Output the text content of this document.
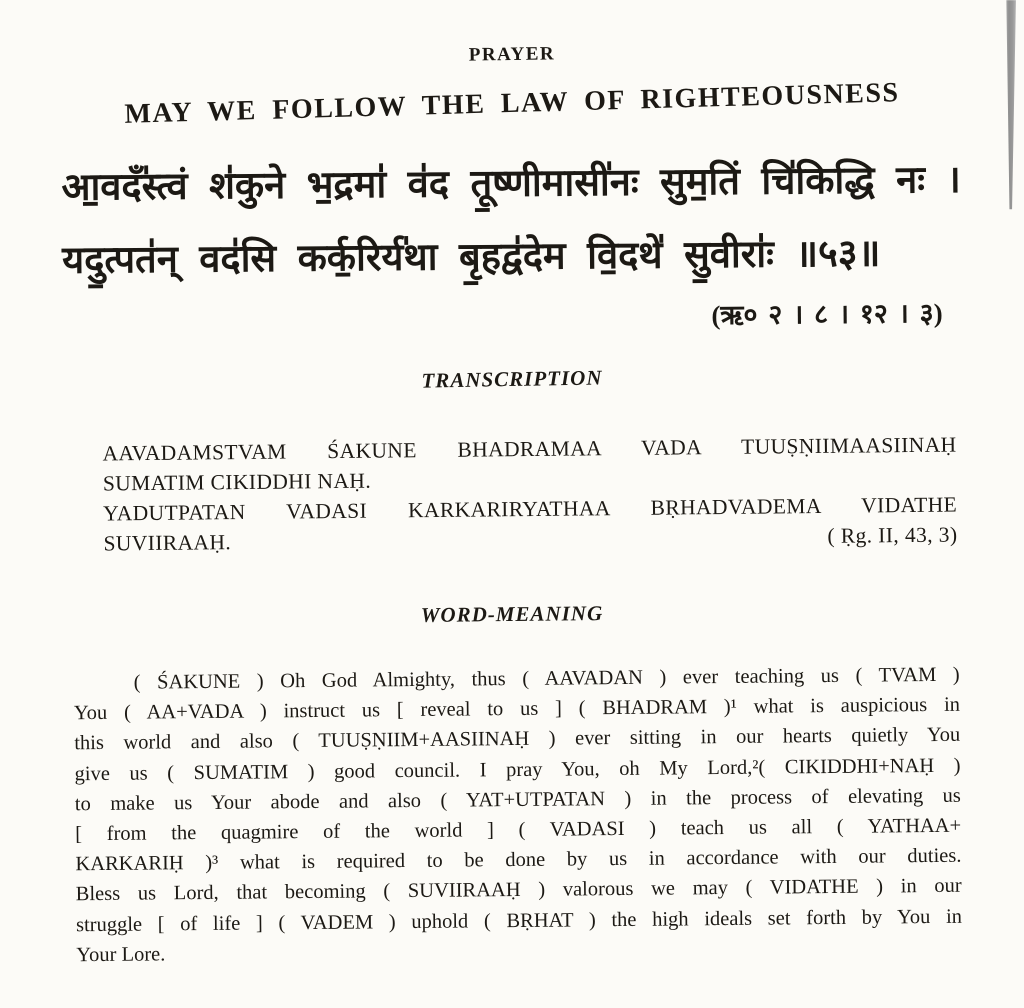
PRAYER
MAY WE FOLLOW THE LAW OF RIGHTEOUSNESS
आ॒वदँ॑स्त्वं श॑कुने भ॒द्रमा॑ व॑द तू॒ष्णीमासी॑नः सुम॒तिं चि॑किद्धि नः ।
यदु॒त्पत॑न् वद॑सि कर्क॒रिर्य॑था बृ॒हद्व॑देम वि॒दथे॑ सु॒वीराः॑ ॥५३॥
(ऋ० २ । ८ । १२ । ३)
TRANSCRIPTION
AAVADAMSTVAM ŚAKUNE BHADRAMAA VADA TUUṢṆIIMAASIINAḤ
SUMATIM CIKIDDHI NAḤ.
YADUTPATAN VADASI KARKARIRYATHAA BṚHADVADEMA VIDATHE
SUVIIRAAḤ.	( Ṛg. II, 43, 3)
WORD-MEANING
( ŚAKUNE ) Oh God Almighty, thus ( AAVADAN ) ever teaching us ( TVAM )
You ( AA+VADA ) instruct us [ reveal to us ] ( BHADRAM )¹ what is auspicious in
this world and also ( TUUṢṆIIM+AASIINAḤ ) ever sitting in our hearts quietly You
give us ( SUMATIM ) good council. I pray You, oh My Lord,²( CIKIDDHI+NAḤ )
to make us Your abode and also ( YAT+UTPATAN ) in the process of elevating us
[ from the quagmire of the world ] ( VADASI ) teach us all ( YATHAA+
KARKARIḤ )³ what is required to be done by us in accordance with our duties.
Bless us Lord, that becoming ( SUVIIRAAḤ ) valorous we may ( VIDATHE ) in our
struggle [ of life ] ( VADEM ) uphold ( BṚHAT ) the high ideals set forth by You in
Your Lore.
